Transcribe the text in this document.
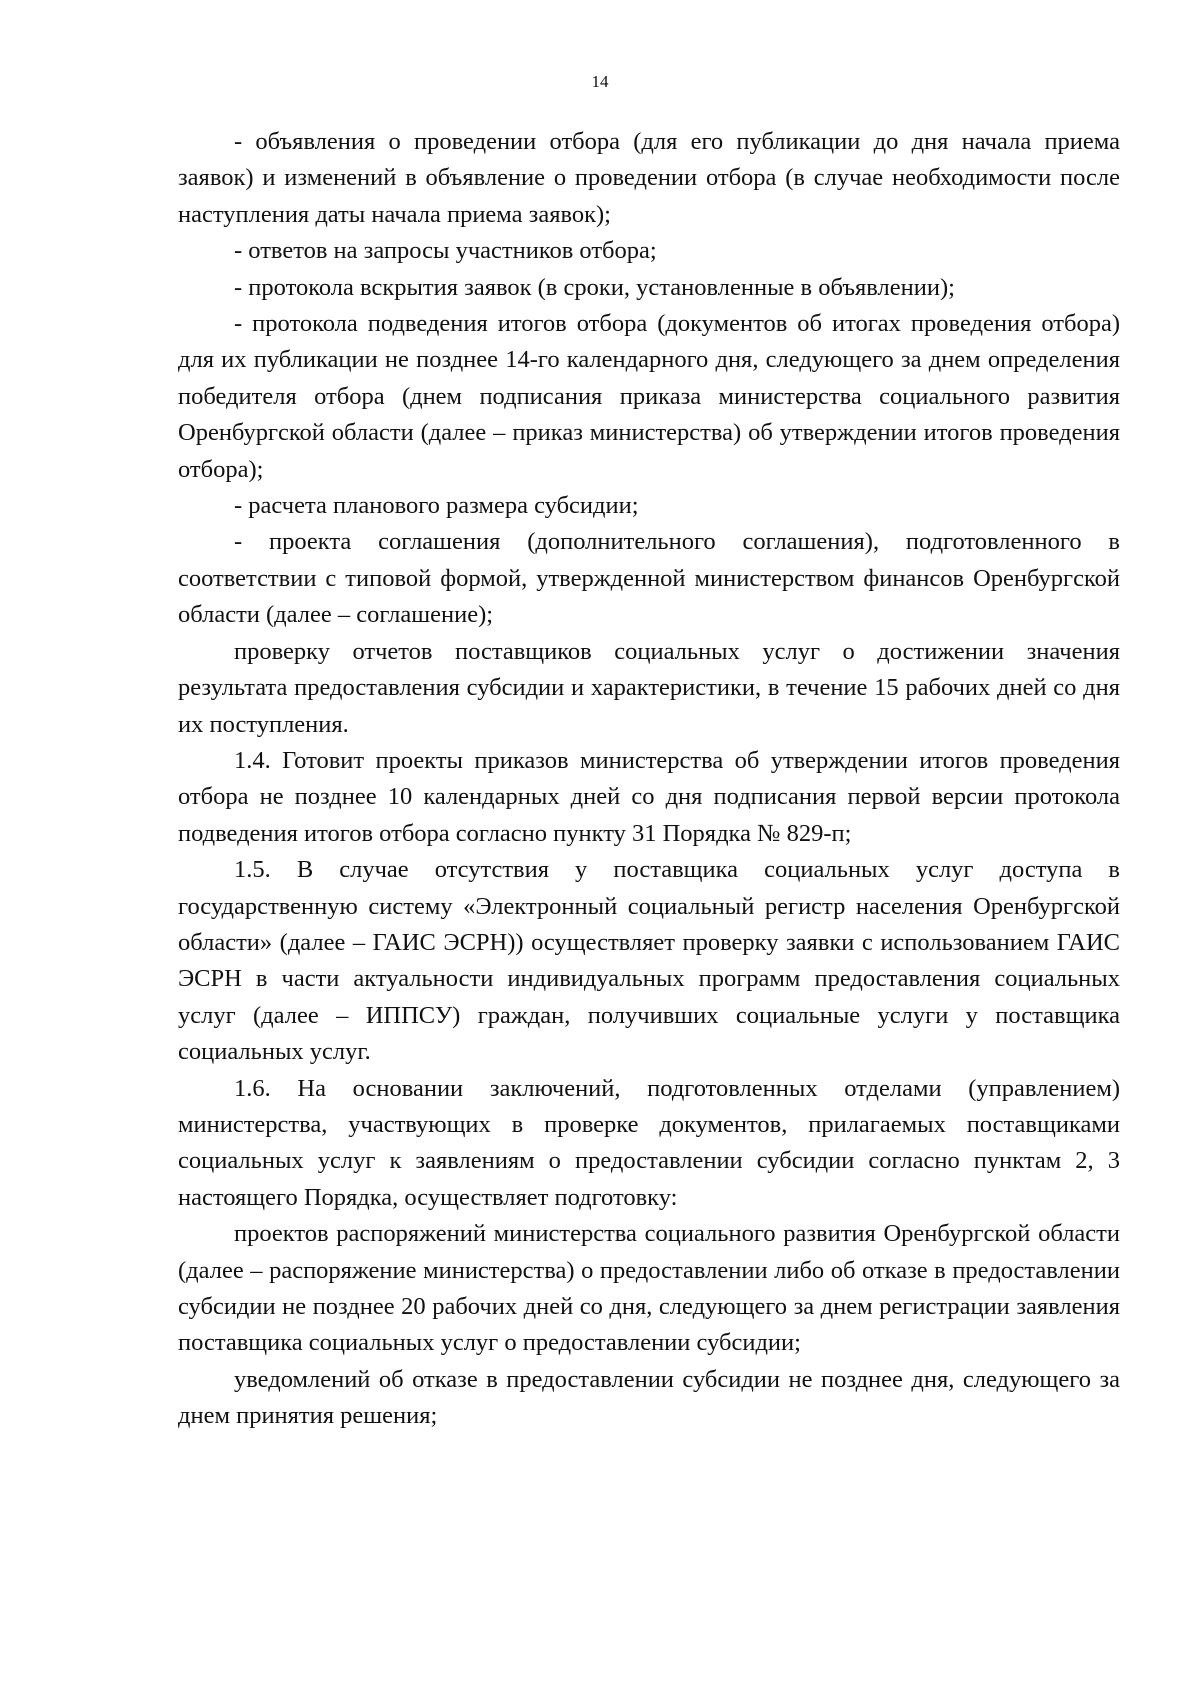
14

- объявления о проведении отбора (для его публикации до дня начала приема заявок) и изменений в объявление о проведении отбора (в случае необходимости после наступления даты начала приема заявок);

- ответов на запросы участников отбора;

- протокола вскрытия заявок (в сроки, установленные в объявлении);

- протокола подведения итогов отбора (документов об итогах проведения отбора) для их публикации не позднее 14-го календарного дня, следующего за днем определения победителя отбора (днем подписания приказа министерства социального развития Оренбургской области (далее – приказ министерства) об утверждении итогов проведения отбора);

- расчета планового размера субсидии;

- проекта соглашения (дополнительного соглашения), подготовленного в соответствии с типовой формой, утвержденной министерством финансов Оренбургской области (далее – соглашение);

проверку отчетов поставщиков социальных услуг о достижении значения результата предоставления субсидии и характеристики, в течение 15 рабочих дней со дня их поступления.

1.4. Готовит проекты приказов министерства об утверждении итогов проведения отбора не позднее 10 календарных дней со дня подписания первой версии протокола подведения итогов отбора согласно пункту 31 Порядка № 829-п;

1.5. В случае отсутствия у поставщика социальных услуг доступа в государственную систему «Электронный социальный регистр населения Оренбургской области» (далее – ГАИС ЭСРН)) осуществляет проверку заявки с использованием ГАИС ЭСРН в части актуальности индивидуальных программ предоставления социальных услуг (далее – ИППСУ) граждан, получивших социальные услуги у поставщика социальных услуг.

1.6. На основании заключений, подготовленных отделами (управлением) министерства, участвующих в проверке документов, прилагаемых поставщиками социальных услуг к заявлениям о предоставлении субсидии согласно пунктам 2, 3 настоящего Порядка, осуществляет подготовку:

проектов распоряжений министерства социального развития Оренбургской области (далее – распоряжение министерства) о предоставлении либо об отказе в предоставлении субсидии не позднее 20 рабочих дней со дня, следующего за днем регистрации заявления поставщика социальных услуг о предоставлении субсидии;

уведомлений об отказе в предоставлении субсидии не позднее дня, следующего за днем принятия решения;
